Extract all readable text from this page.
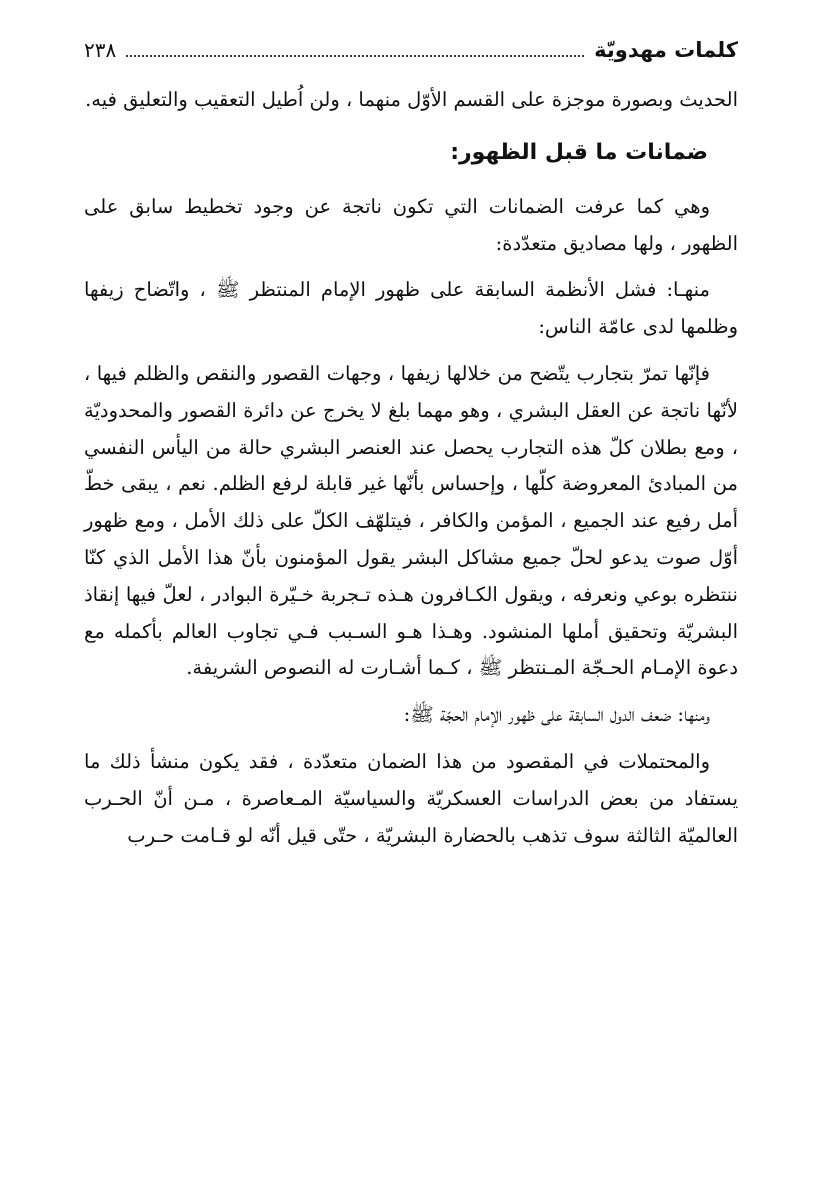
كلمات مهدويّة
٢٣٨

الحديث وبصورة موجزة على القسم الأوّل منهما ، ولن اُطيل التعقيب والتعليق فيه.

ضمانات ما قبل الظهور:

وهي كما عرفت الضمانات التي تكون ناتجة عن وجود تخطيط سابق على الظهور ، ولها مصاديق متعدّدة:

منهـا: فشل الأنظمة السابقة على ظهور الإمام المنتظر ﷺ ، واتّضاح زيفها وظلمها لدى عامّة الناس:

فإنّها تمرّ بتجارب يتّضح من خلالها زيفها ، وجهات القصور والنقص والظلم فيها ، لأنّها ناتجة عن العقل البشري ، وهو مهما بلغ لا يخرج عن دائرة القصور والمحدوديّة ، ومع بطلان كلّ هذه التجارب يحصل عند العنصر البشري حالة من اليأس النفسي من المبادئ المعروضة كلّها ، وإحساس بأنّها غير قابلة لرفع الظلم. نعم ، يبقى خطّ أمل رفيع عند الجميع ، المؤمن والكافر ، فيتلهّف الكلّ على ذلك الأمل ، ومع ظهور أوّل صوت يدعو لحلّ جميع مشاكل البشر يقول المؤمنون بأنّ هذا الأمل الذي كنّا ننتظره بوعي ونعرفه ، ويقول الكـافرون هـذه تـجربة خـيّرة البوادر ، لعلّ فيها إنقاذ البشريّة وتحقيق أملها المنشود. وهـذا هـو السـبب فـي تجاوب العالم بأكمله مع دعوة الإمـام الحـجّة المـنتظر ﷺ ، كـما أشـارت له النصوص الشريفة.

ومنها: ضعف الدول السابقة على ظهور الإمام الحجّة ﷺ:

والمحتملات في المقصود من هذا الضمان متعدّدة ، فقد يكون منشأ ذلك ما يستفاد من بعض الدراسات العسكريّة والسياسيّة المـعاصرة ، مـن أنّ الحـرب العالميّة الثالثة سوف تذهب بالحضارة البشريّة ، حتّى قيل أنّه لو قـامت حـرب
